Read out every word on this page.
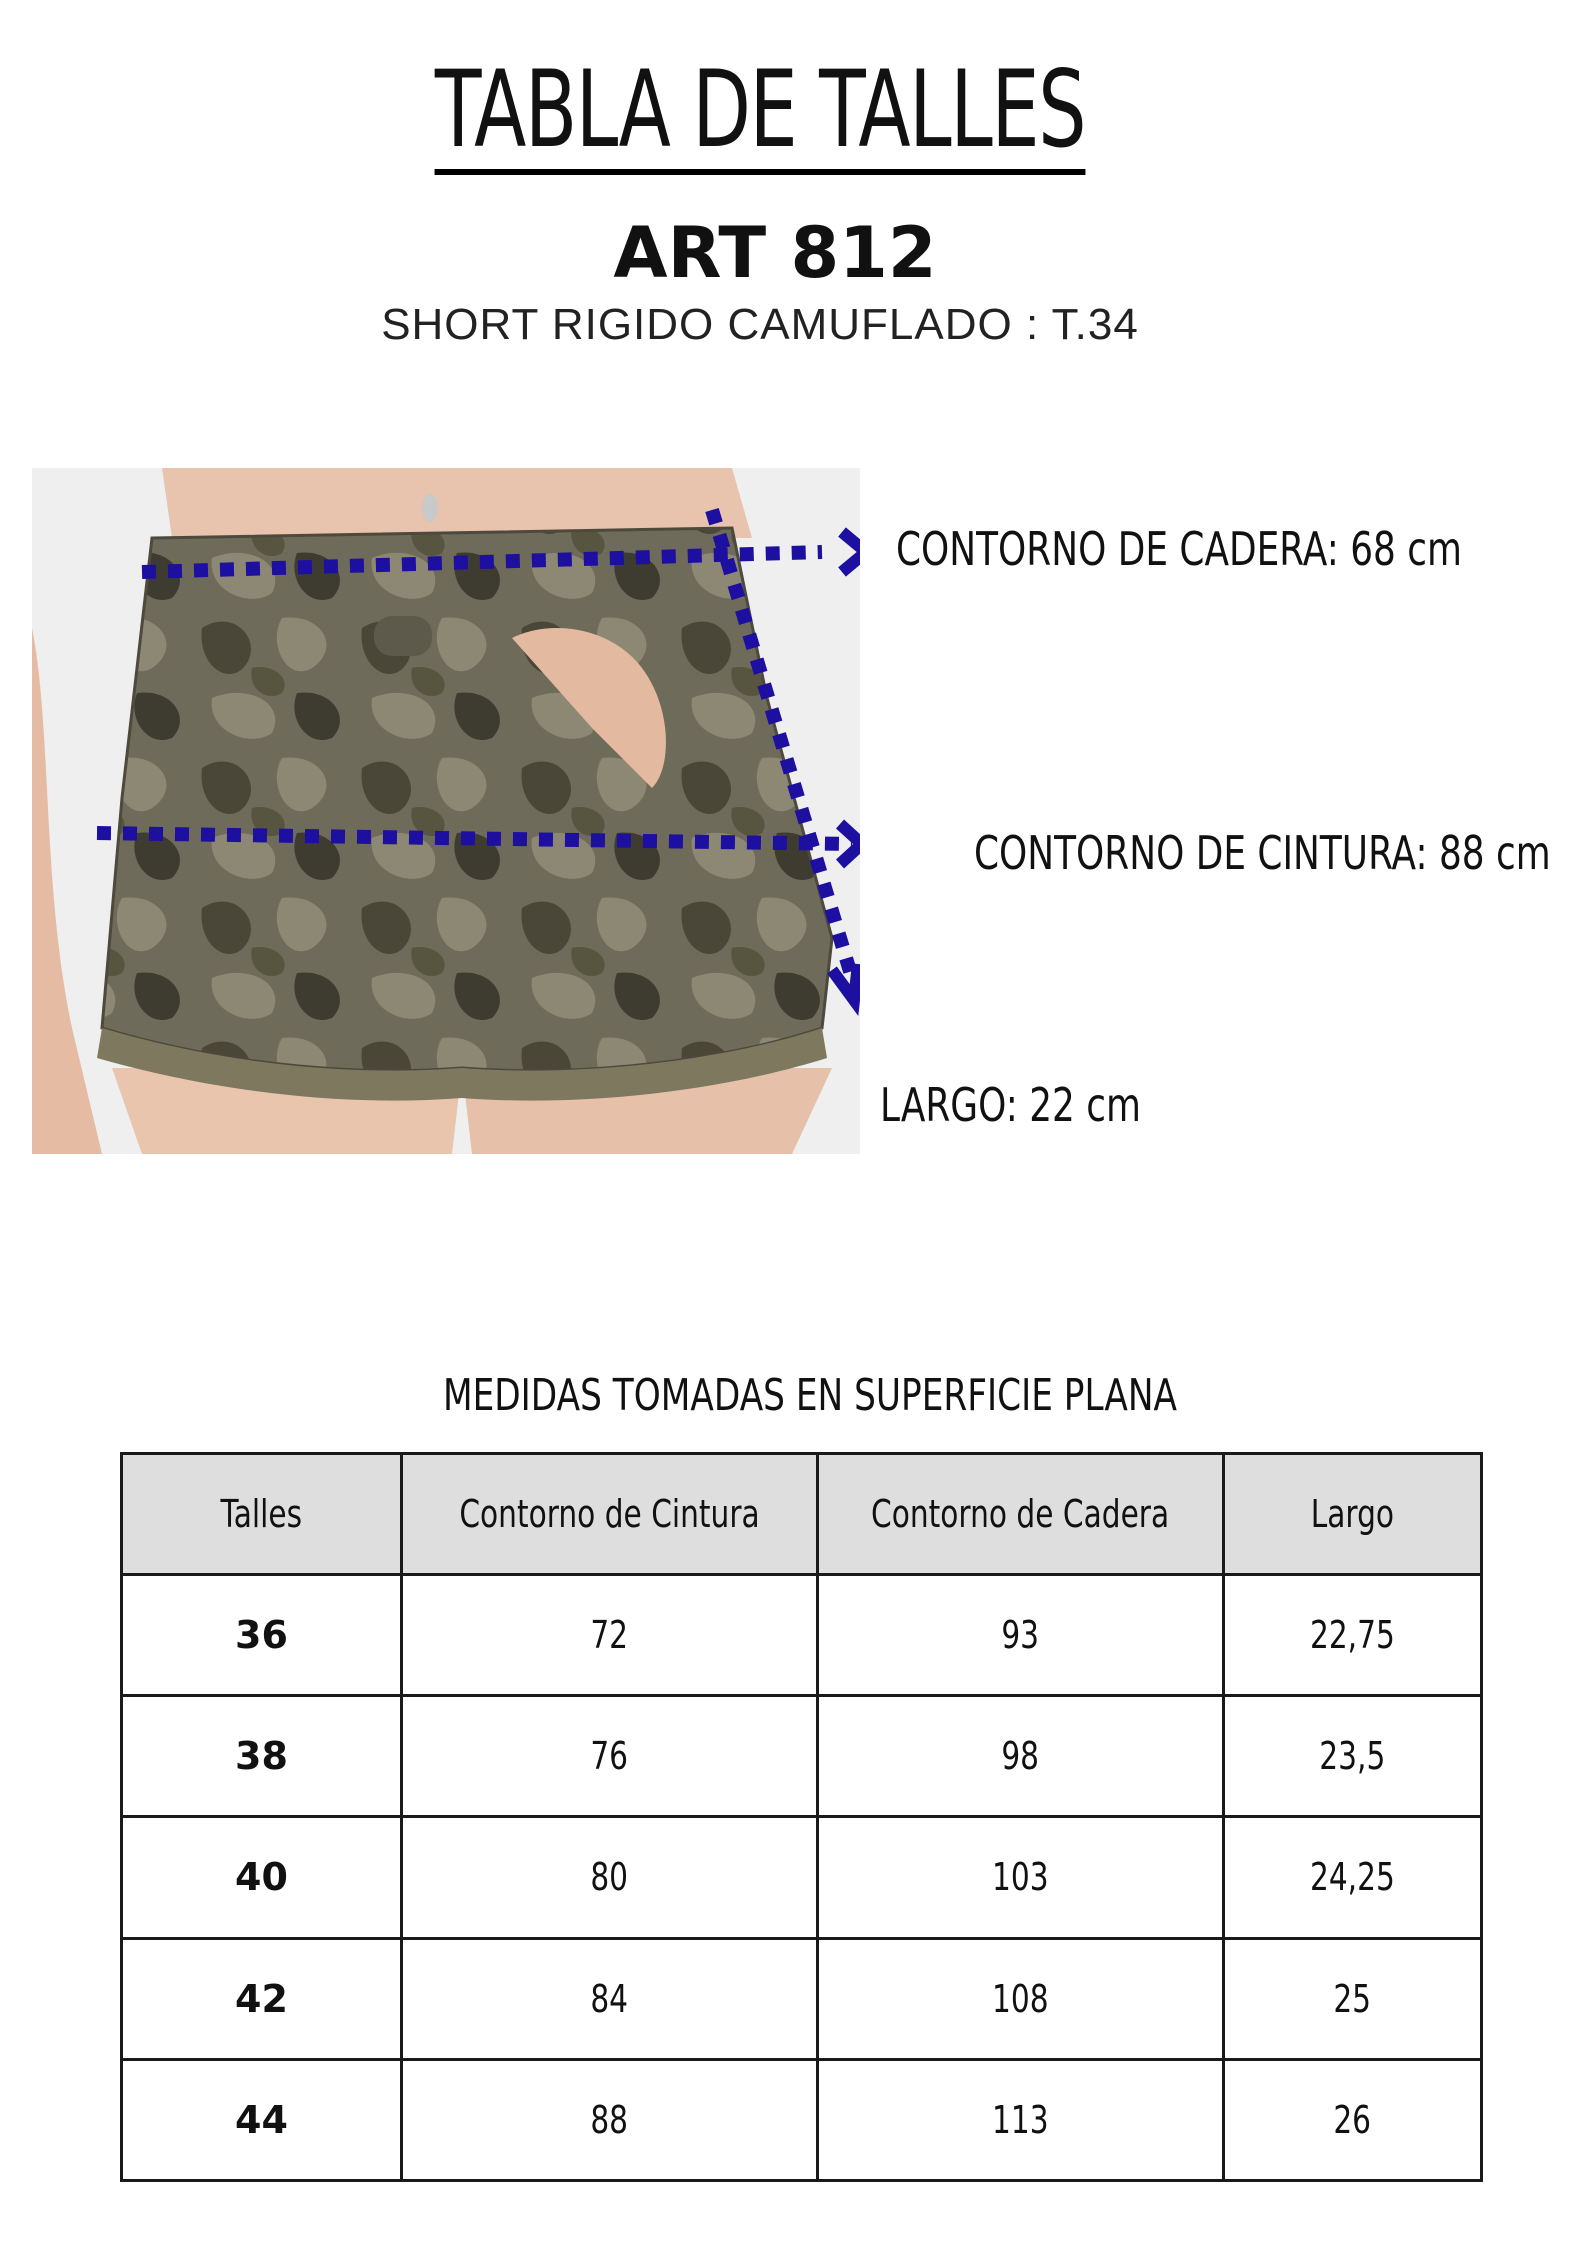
TABLA DE TALLES
ART 812
SHORT RIGIDO CAMUFLADO : T.34
CONTORNO DE CADERA: 68 cm
CONTORNO DE CINTURA: 88 cm
LARGO: 22 cm
MEDIDAS TOMADAS EN SUPERFICIE PLANA
Talles	Contorno de Cintura	Contorno de Cadera	Largo
36	72	93	22,75
38	76	98	23,5
40	80	103	24,25
42	84	108	25
44	88	113	26
